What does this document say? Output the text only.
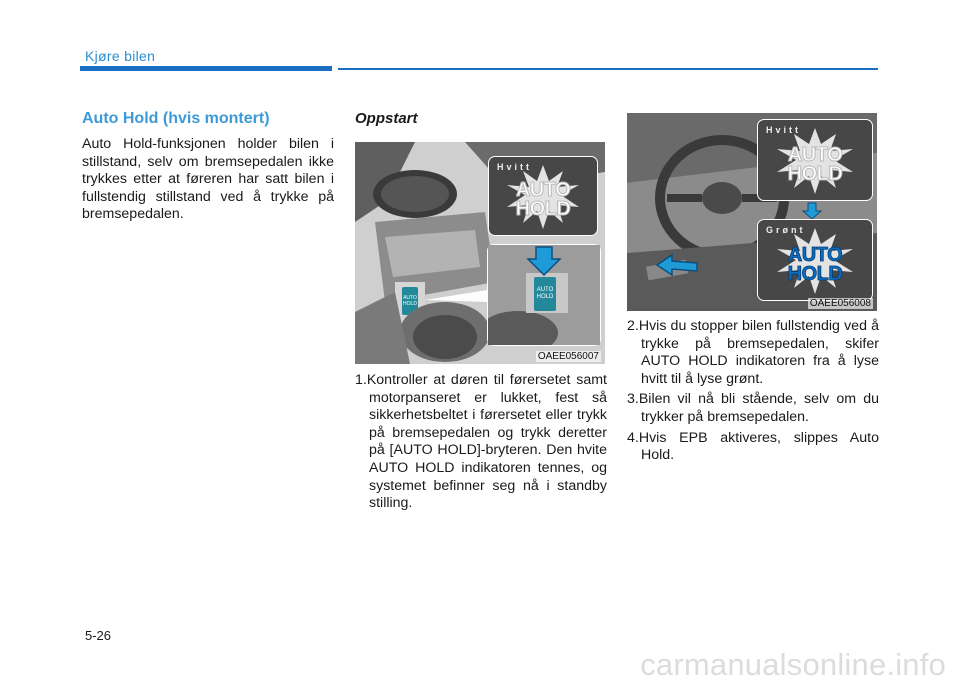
Kjøre bilen
Auto Hold (hvis montert)

Auto Hold-funksjonen holder bilen i stillstand, selv om bremsepedalen ikke trykkes etter at føreren har satt bilen i fullstendig stillstand ved å trykke på bremsepedalen.

Oppstart
AUTO
HOLD
Hvitt
AUTO
HOLD
AUTO
HOLD
OAEE056007
1.Kontroller at døren til førersetet samt motorpanseret er lukket, fest så sikkerhetsbeltet i førersetet eller trykk på bremsepedalen og trykk deretter på [AUTO HOLD]-bryteren. Den hvite AUTO HOLD indikatoren tennes, og systemet befinner seg nå i standby stilling.
Hvitt
AUTO
HOLD
Grønt
AUTO
HOLD
OAEE056008
2.Hvis du stopper bilen fullstendig ved å trykke på bremsepedalen, skifer AUTO HOLD indikatoren fra å lyse hvitt til å lyse grønt.
3.Bilen vil nå bli stående, selv om du trykker på bremsepedalen.
4.Hvis EPB aktiveres, slippes Auto Hold.
5-26
carmanualsonline.info
